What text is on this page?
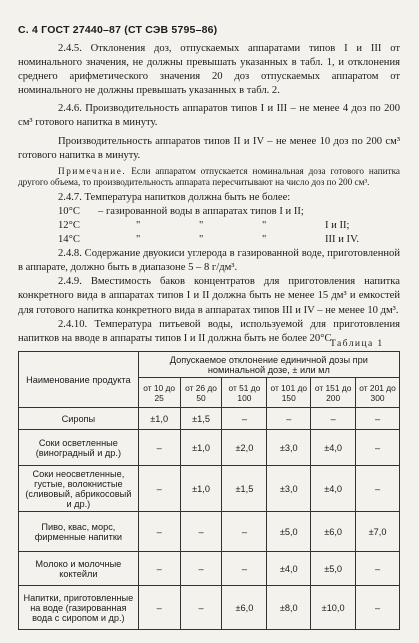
С. 4 ГОСТ 27440–87 (СТ СЭВ 5795–86)

2.4.5. Отклонения доз, отпускаемых аппаратами типов I и III от номинального значения, не должны превышать указанных в табл. 1, и отклонения среднего арифметического значения 20 доз отпускаемых аппаратом от номинального не должны превышать указанных в табл. 2.

2.4.6. Производительность аппаратов типов I и III – не менее 4 доз по 200 см³ готового напитка в минуту.

Производительность аппаратов типов II и IV – не менее 10 доз по 200 см³ готового напитка в минуту.

Примечание. Если аппаратом отпускается номинальная доза готового напитка другого объема, то производительность аппарата пересчитывают на число доз по 200 см³.

2.4.7. Температура напитков должна быть не более:

10°С	– газированной воды в аппаратах типов I и II;
12°С	"	"	"	I и II;
14°С	"	"	"	III и IV.

2.4.8. Содержание двуокиси углерода в газированной воде, приготовленной в аппарате, должно быть в диапазоне 5 – 8 г/дм³.

2.4.9. Вместимость баков концентратов для приготовления напитка конкретного вида в аппаратах типов I и II должна быть не менее 15 дм³ и емкостей для готового напитка конкретного вида в аппаратах типов III и IV – не менее 10 дм³.

2.4.10. Температура питьевой воды, используемой для приготовления напитков на вводе в аппараты типов I и II должна быть не более 20°С.

Таблица 1
Наименование продукта	Допускаемое отклонение единичной дозы при номинальной дозе, ± или мл					
	от 10 до 25	от 26 до 50	от 51 до 100	от 101 до 150	от 151 до 200	от 201 до 300
Сиропы	±1,0	±1,5	–	–	–	–
Соки осветленные (виноградный и др.)	–	±1,0	±2,0	±3,0	±4,0	–
Соки неосветленные, густые, волокнистые (сливовый, абрикосовый и др.)	–	±1,0	±1,5	±3,0	±4,0	–
Пиво, квас, морс, фирменные напитки	–	–	–	±5,0	±6,0	±7,0
Молоко и молочные коктейли	–	–	–	±4,0	±5,0	–
Напитки, приготовленные на воде (газированная вода с сиропом и др.)	–	–	±6,0	±8,0	±10,0	–
